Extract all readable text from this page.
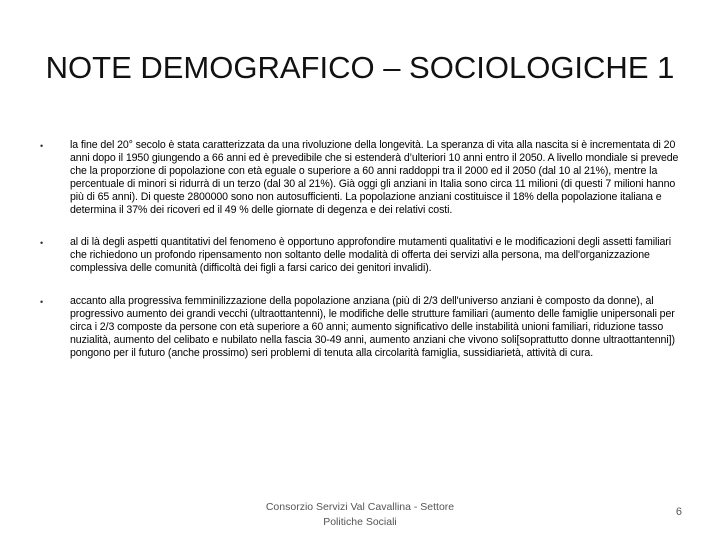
NOTE DEMOGRAFICO – SOCIOLOGICHE 1
•	la fine del 20° secolo è stata caratterizzata da una rivoluzione della longevità. La speranza di vita alla nascita si è incrementata di 20 anni dopo il 1950 giungendo a 66 anni ed è prevedibile che si estenderà d’ulteriori 10 anni entro il 2050. A livello mondiale si prevede che la proporzione di popolazione con età eguale o superiore a 60 anni raddoppi tra il 2000 ed il 2050 (dal 10 al 21%), mentre la percentuale di minori si ridurrà di un terzo (dal 30 al 21%). Già oggi gli anziani in Italia sono circa 11 milioni (di questi 7 milioni hanno più di 65 anni). Di queste 2800000 sono non autosufficienti. La popolazione anziani costituisce il 18% della popolazione italiana e determina il 37% dei ricoveri ed il 49 % delle giornate di degenza e dei relativi costi.
•	al di là degli aspetti quantitativi del fenomeno è opportuno approfondire mutamenti qualitativi e le modificazioni degli assetti familiari che richiedono un profondo ripensamento non soltanto delle modalità di offerta dei servizi alla persona, ma dell'organizzazione complessiva delle comunità (difficoltà dei figli a farsi carico dei genitori invalidi).
•	accanto alla progressiva femminilizzazione della popolazione anziana (più di 2/3 dell'universo anziani è composto da donne), al progressivo aumento dei grandi vecchi (ultraottantenni), le modifiche delle strutture familiari (aumento delle famiglie unipersonali per circa i 2/3 composte da persone con età superiore a 60 anni; aumento significativo delle instabilità unioni familiari, riduzione tasso nuzialità, aumento del celibato e nubilato nella fascia 30-49 anni, aumento anziani che vivono soli[soprattutto donne ultraottantenni]) pongono per il futuro (anche prossimo) seri problemi di tenuta alla circolarità famiglia, sussidiarietà, attività di cura.
Consorzio Servizi Val Cavallina - Settore
Politiche Sociali
6
